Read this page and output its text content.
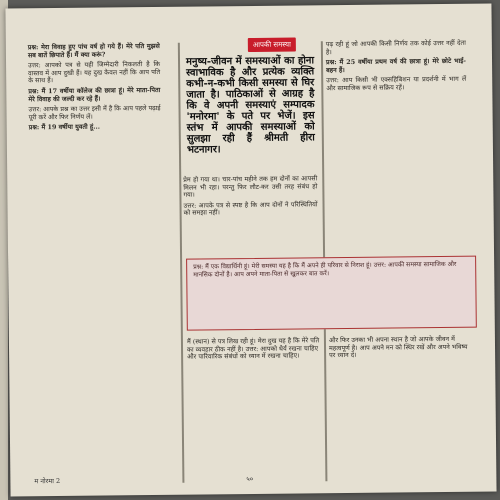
आपकी समस्या

प्रश्न: मेरा विवाह हुए पांच वर्ष हो गये हैं। मेरे पति मुझसे सब बातें छिपाते हैं। मैं क्या करूं?

उत्तर: आपको पत्र से यही जिम्मेदारी निकलती है कि वास्तव में आप दुखी हैं। यह दुख केवल नहीं कि आप पति के साथ हैं।

प्रश्न: मैं 17 वर्षीया कॉलेज की छात्रा हूं। मेरे माता-पिता मेरे विवाह की जल्दी कर रहे हैं।

उत्तर: आपके प्रश्न का उत्तर इसी में है कि आप पहले पढ़ाई पूरी करें और फिर निर्णय लें।

प्रश्न: मैं 19 वर्षीया युवती हूं...

मनुष्य-जीवन में समस्याओं का होना स्वाभाविक है और प्रत्येक व्यक्ति कभी-न-कभी किसी समस्या से घिर जाता है। पाठिकाओं से आग्रह है कि वे अपनी समस्याएं सम्पादक 'मनोरमा' के पते पर भेजें। इस स्तंभ में आपकी समस्याओं को सुलझा रही हैं श्रीमती हीरा भटनागर।

प्रेम हो गया था। चार-पांच महीने तक हम दोनों का आपसी मिलन भी रहा। परन्तु फिर लौट-कर उसी तरह संबंध हो गया।

उत्तर: आपके पत्र से स्पष्ट है कि आप दोनों ने परिस्थितियों को समझा नहीं।

पढ़ रही हूं जो आपकी किसी निर्णय तक कोई उत्तर नहीं देता है।

प्रश्न: मैं 25 वर्षीया प्रथम वर्ष की छात्रा हूं। मेरे छोटे भाई-बहन हैं।

उत्तर: आप किसी भी एक्सहिबिशन या प्रदर्शनी में भाग लें और सामाजिक रूप से सक्रिय रहें।

प्रश्न: मैं एक विद्यार्थिनी हूं। मेरी समस्या यह है कि मैं अपने ही परिवार से निराश हूं। उत्तर: आपकी समस्या सामाजिक और मानसिक दोनों है। आप अपने माता-पिता से खुलकर बात करें।
मैं (स्थान) से पत्र लिख रही हूं। मेरा दुख यह है कि मेरे पति का व्यवहार ठीक नहीं है। उत्तर: आपको धैर्य रखना चाहिए और पारिवारिक संबंधों को ध्यान में रखना चाहिए।
और फिर उनका भी अपना स्थान है जो आपके जीवन में महत्वपूर्ण है। आप अपने मन को स्थिर रखें और अपने भविष्य पर ध्यान दें।
म नोरमा 2	५०
